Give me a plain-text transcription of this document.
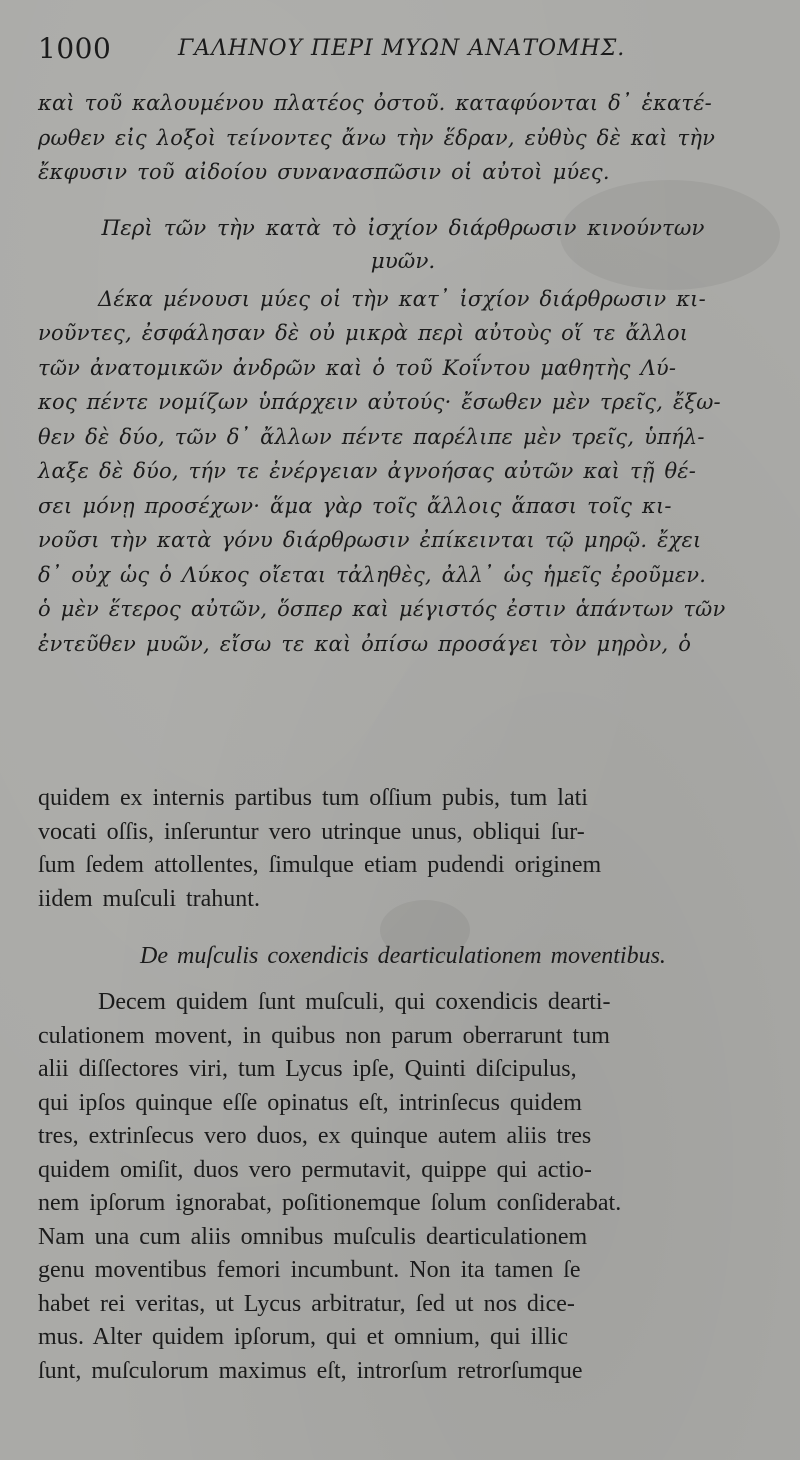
1000	ΓΑΛΗΝΟΥ ΠΕΡΙ ΜΥΩΝ ΑΝΑΤΟΜΗΣ.
καὶ τοῦ καλουμένου πλατέος ὀστοῦ. καταφύονται δ᾽ ἑκατέ-
ρωθεν εἰς λοξοὶ τείνοντες ἄνω τὴν ἕδραν, εὐθὺς δὲ καὶ τὴν
ἔκφυσιν τοῦ αἰδοίου συνανασπῶσιν οἱ αὐτοὶ μύες.
Περὶ τῶν τὴν κατὰ τὸ ἰσχίον διάρθρωσιν κινούντων
μυῶν.
Δέκα μένουσι μύες οἱ τὴν κατ᾽ ἰσχίον διάρθρωσιν κι-
νοῦντες, ἐσφάλησαν δὲ οὐ μικρὰ περὶ αὐτοὺς οἵ τε ἄλλοι
τῶν ἀνατομικῶν ἀνδρῶν καὶ ὁ τοῦ Κοΐντου μαθητὴς Λύ-
κος πέντε νομίζων ὑπάρχειν αὐτούς· ἔσωθεν μὲν τρεῖς, ἔξω-
θεν δὲ δύο, τῶν δ᾽ ἄλλων πέντε παρέλιπε μὲν τρεῖς, ὑπήλ-
λαξε δὲ δύο, τήν τε ἐνέργειαν ἀγνοήσας αὐτῶν καὶ τῇ θέ-
σει μόνῃ προσέχων· ἅμα γὰρ τοῖς ἄλλοις ἅπασι τοῖς κι-
νοῦσι τὴν κατὰ γόνυ διάρθρωσιν ἐπίκεινται τῷ μηρῷ. ἔχει
δ᾽ οὐχ ὡς ὁ Λύκος οἴεται τἀληθὲς, ἀλλ᾽ ὡς ἡμεῖς ἐροῦμεν.
ὁ μὲν ἕτερος αὐτῶν, ὅσπερ καὶ μέγιστός ἐστιν ἁπάντων τῶν
ἐντεῦθεν μυῶν, εἴσω τε καὶ ὀπίσω προσάγει τὸν μηρὸν, ὁ
quidem ex internis partibus tum oſſium pubis, tum lati
vocati oſſis, inſeruntur vero utrinque unus, obliqui ſur-
ſum ſedem attollentes, ſimulque etiam pudendi originem
iidem muſculi trahunt.
De muſculis coxendicis dearticulationem moventibus.
Decem quidem ſunt muſculi, qui coxendicis dearti-
culationem movent, in quibus non parum oberrarunt tum
alii diſſectores viri, tum Lycus ipſe, Quinti diſcipulus,
qui ipſos quinque eſſe opinatus eſt, intrinſecus quidem
tres, extrinſecus vero duos, ex quinque autem aliis tres
quidem omiſit, duos vero permutavit, quippe qui actio-
nem ipſorum ignorabat, poſitionemque ſolum conſiderabat.
Nam una cum aliis omnibus muſculis dearticulationem
genu moventibus femori incumbunt. Non ita tamen ſe
habet rei veritas, ut Lycus arbitratur, ſed ut nos dice-
mus. Alter quidem ipſorum, qui et omnium, qui illic
ſunt, muſculorum maximus eſt, introrſum retrorſumque
